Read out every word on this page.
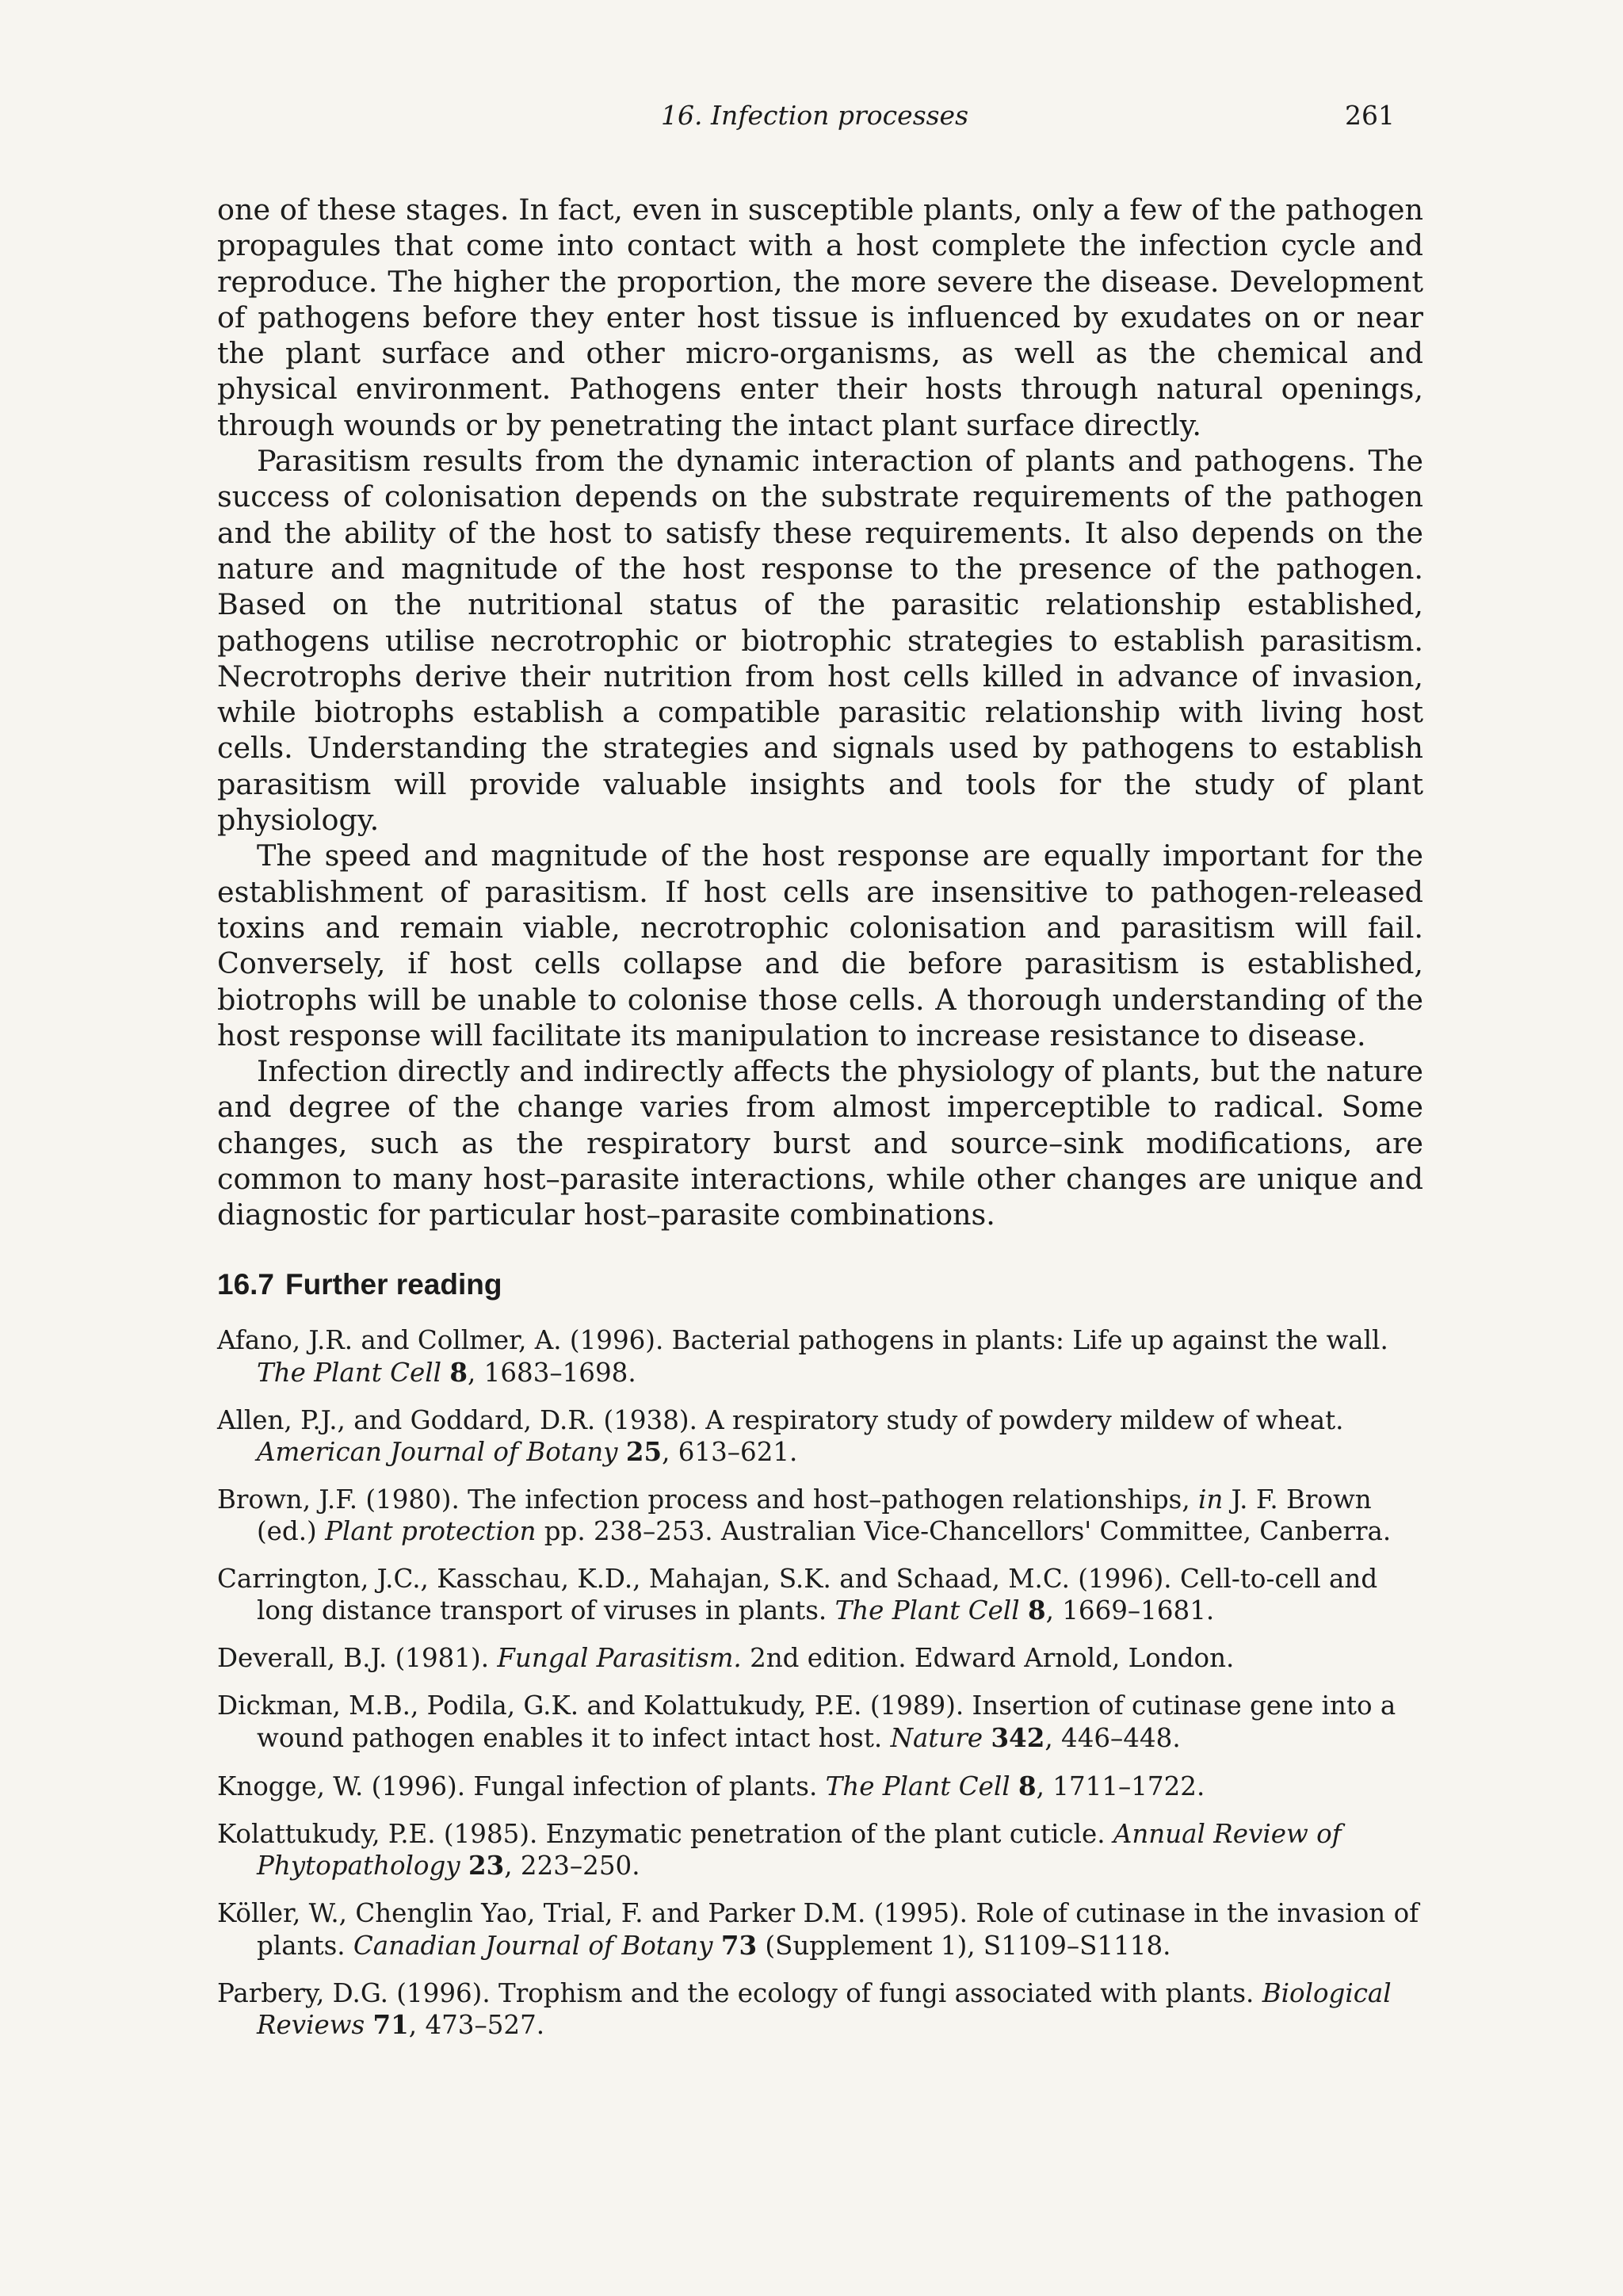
16. Infection processes	261

one of these stages. In fact, even in susceptible plants, only a few of the pathogen propagules that come into contact with a host complete the infection cycle and reproduce. The higher the proportion, the more severe the disease. Development of pathogens before they enter host tissue is influenced by exudates on or near the plant surface and other micro-organisms, as well as the chemical and physical environment. Pathogens enter their hosts through natural openings, through wounds or by penetrating the intact plant surface directly.

Parasitism results from the dynamic interaction of plants and pathogens. The success of colonisation depends on the substrate requirements of the pathogen and the ability of the host to satisfy these requirements. It also depends on the nature and magnitude of the host response to the presence of the pathogen. Based on the nutritional status of the parasitic relationship established, pathogens utilise necrotrophic or biotrophic strategies to establish parasitism. Necrotrophs derive their nutrition from host cells killed in advance of invasion, while biotrophs establish a compatible parasitic relationship with living host cells. Understanding the strategies and signals used by pathogens to establish parasitism will provide valuable insights and tools for the study of plant physiology.

The speed and magnitude of the host response are equally important for the establishment of parasitism. If host cells are insensitive to pathogen-released toxins and remain viable, necrotrophic colonisation and parasitism will fail. Conversely, if host cells collapse and die before parasitism is established, biotrophs will be unable to colonise those cells. A thorough understanding of the host response will facilitate its manipulation to increase resistance to disease.

Infection directly and indirectly affects the physiology of plants, but the nature and degree of the change varies from almost imperceptible to radical. Some changes, such as the respiratory burst and source–sink modifications, are common to many host–parasite interactions, while other changes are unique and diagnostic for particular host–parasite combinations.

16.7 Further reading

Afano, J.R. and Collmer, A. (1996). Bacterial pathogens in plants: Life up against the wall. The Plant Cell 8, 1683–1698.

Allen, P.J., and Goddard, D.R. (1938). A respiratory study of powdery mildew of wheat. American Journal of Botany 25, 613–621.

Brown, J.F. (1980). The infection process and host–pathogen relationships, in J. F. Brown (ed.) Plant protection pp. 238–253. Australian Vice-Chancellors' Committee, Canberra.

Carrington, J.C., Kasschau, K.D., Mahajan, S.K. and Schaad, M.C. (1996). Cell-to-cell and long distance transport of viruses in plants. The Plant Cell 8, 1669–1681.

Deverall, B.J. (1981). Fungal Parasitism. 2nd edition. Edward Arnold, London.

Dickman, M.B., Podila, G.K. and Kolattukudy, P.E. (1989). Insertion of cutinase gene into a wound pathogen enables it to infect intact host. Nature 342, 446–448.

Knogge, W. (1996). Fungal infection of plants. The Plant Cell 8, 1711–1722.

Kolattukudy, P.E. (1985). Enzymatic penetration of the plant cuticle. Annual Review of Phytopathology 23, 223–250.

Köller, W., Chenglin Yao, Trial, F. and Parker D.M. (1995). Role of cutinase in the invasion of plants. Canadian Journal of Botany 73 (Supplement 1), S1109–S1118.

Parbery, D.G. (1996). Trophism and the ecology of fungi associated with plants. Biological Reviews 71, 473–527.
